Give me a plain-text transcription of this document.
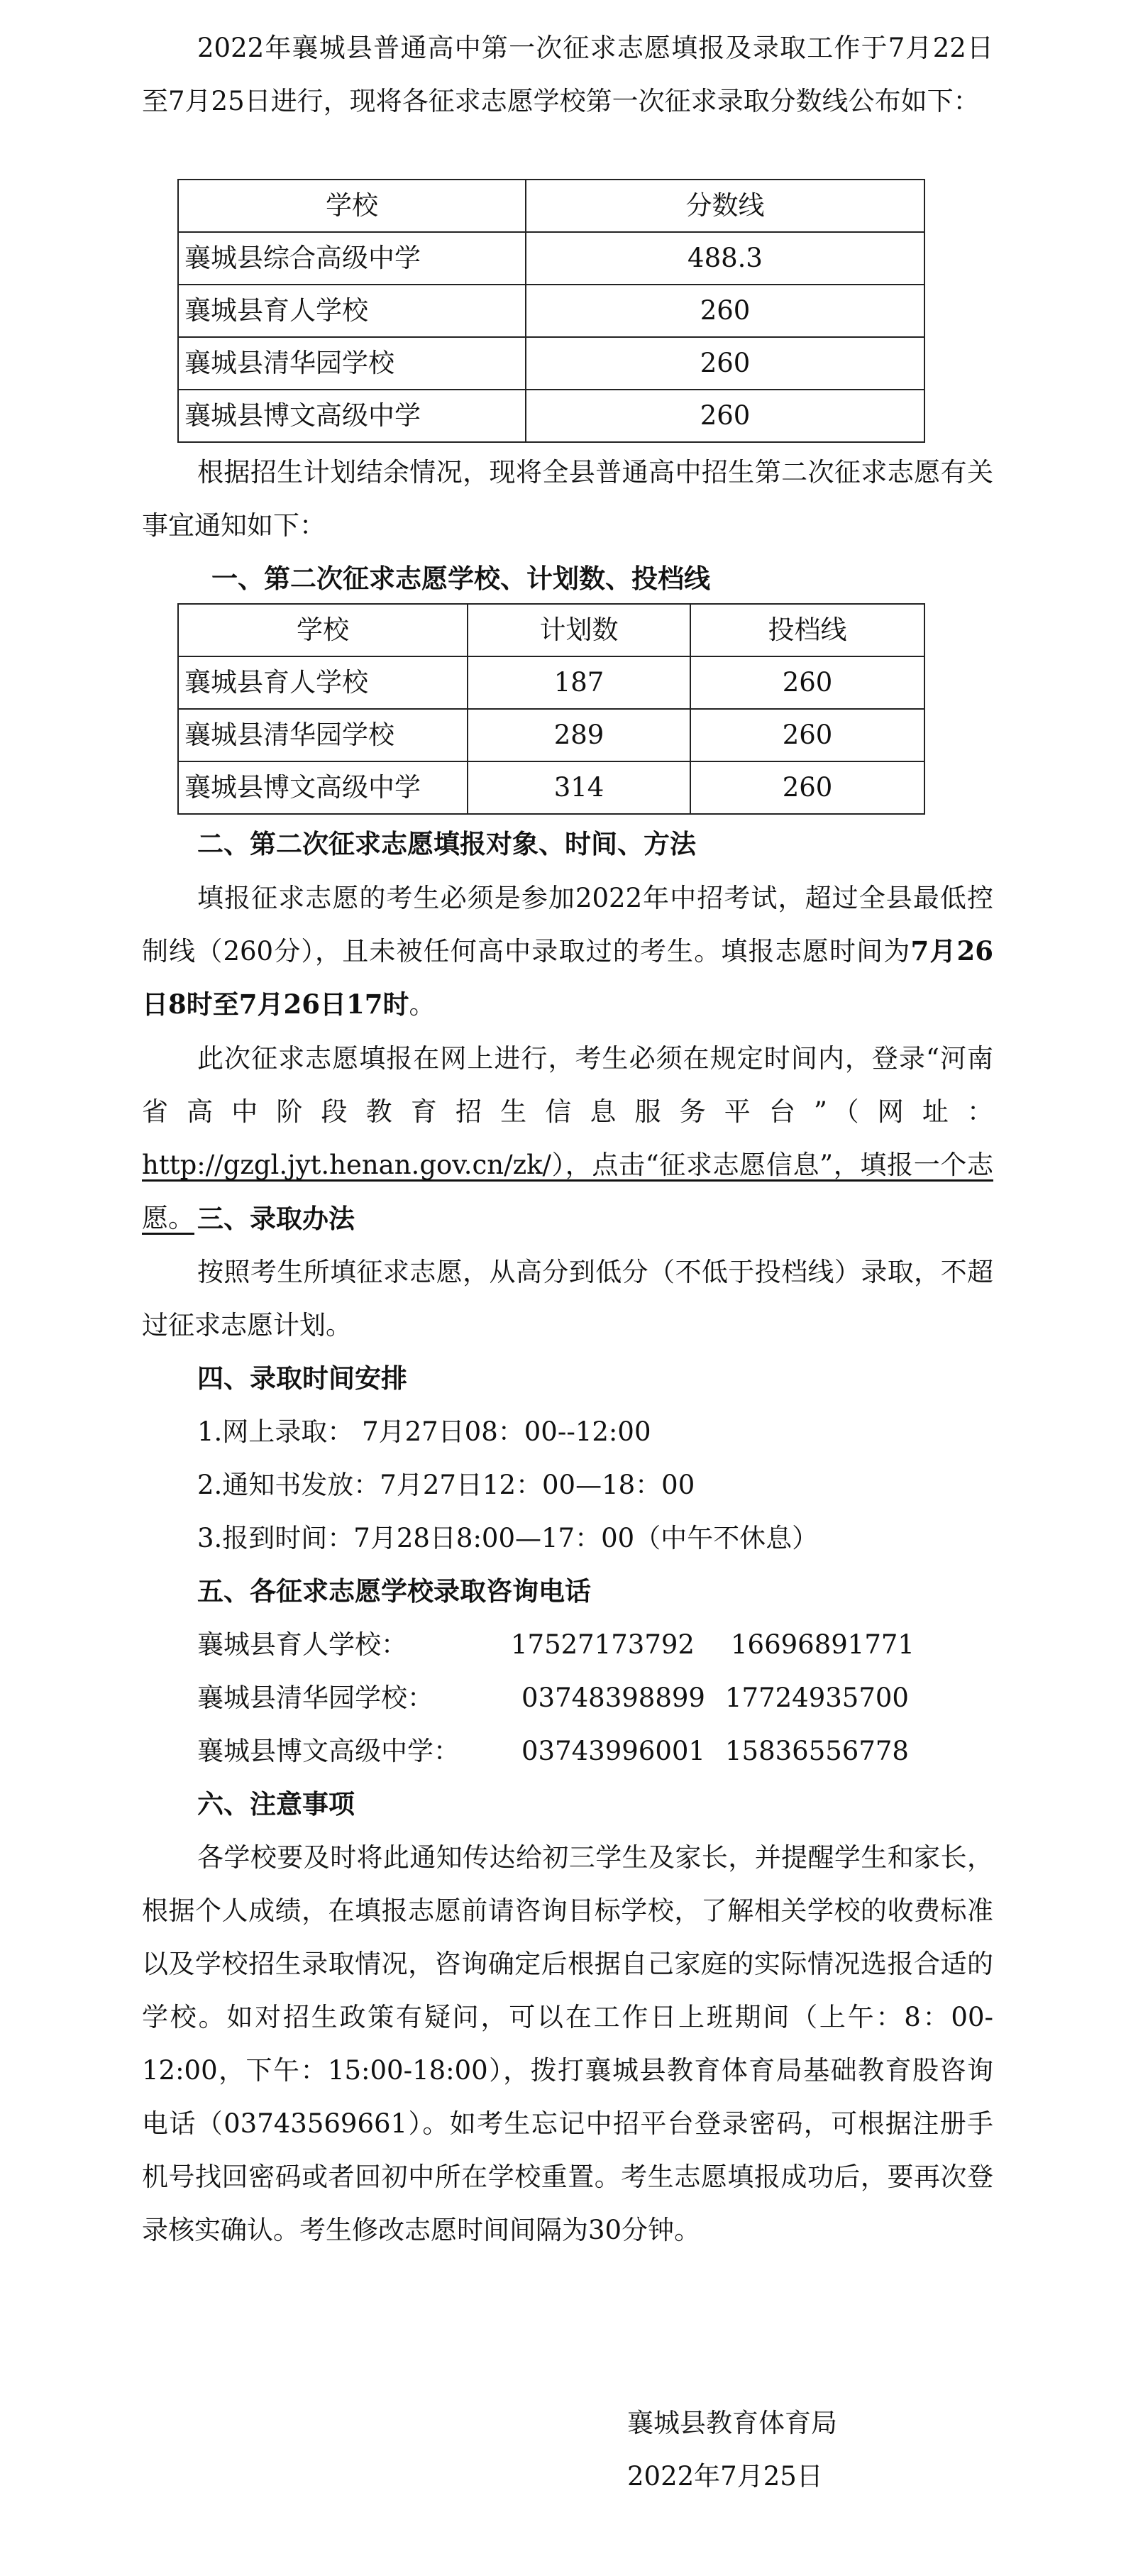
2022年襄城县普通高中第一次征求志愿填报及录取工作于7月22日至7月25日进行，现将各征求志愿学校第一次征求录取分数线公布如下：

学校	分数线
襄城县综合高级中学	488.3
襄城县育人学校	260
襄城县清华园学校	260
襄城县博文高级中学	260

根据招生计划结余情况，现将全县普通高中招生第二次征求志愿有关事宜通知如下：

一、第二次征求志愿学校、计划数、投档线

学校	计划数	投档线
襄城县育人学校	187	260
襄城县清华园学校	289	260
襄城县博文高级中学	314	260

二、第二次征求志愿填报对象、时间、方法

填报征求志愿的考生必须是参加2022年中招考试，超过全县最低控制线（260分），且未被任何高中录取过的考生。填报志愿时间为7月26日8时至7月26日17时。

此次征求志愿填报在网上进行，考生必须在规定时间内，登录“河南省高中阶段教育招生信息服务平台”（网址：http://gzgl.jyt.henan.gov.cn/zk/），点击“征求志愿信息”，填报一个志愿。 三、录取办法

按照考生所填征求志愿，从高分到低分（不低于投档线）录取，不超过征求志愿计划。

四、录取时间安排

1.网上录取： 7月27日08：00--12:00

2.通知书发放：7月27日12：00—18：00

3.报到时间：7月28日8:00—17：00（中午不休息）

五、各征求志愿学校录取咨询电话

襄城县育人学校：	17527173792 16696891771
襄城县清华园学校：	03748398899 17724935700
襄城县博文高级中学： 03743996001 15836556778

六、注意事项

各学校要及时将此通知传达给初三学生及家长，并提醒学生和家长，根据个人成绩，在填报志愿前请咨询目标学校，了解相关学校的收费标准以及学校招生录取情况，咨询确定后根据自己家庭的实际情况选报合适的学校。如对招生政策有疑问，可以在工作日上班期间（上午：8：00-12:00，下午：15:00-18:00），拨打襄城县教育体育局基础教育股咨询电话（03743569661）。如考生忘记中招平台登录密码，可根据注册手机号找回密码或者回初中所在学校重置。考生志愿填报成功后，要再次登录核实确认。考生修改志愿时间间隔为30分钟。

襄城县教育体育局

2022年7月25日
